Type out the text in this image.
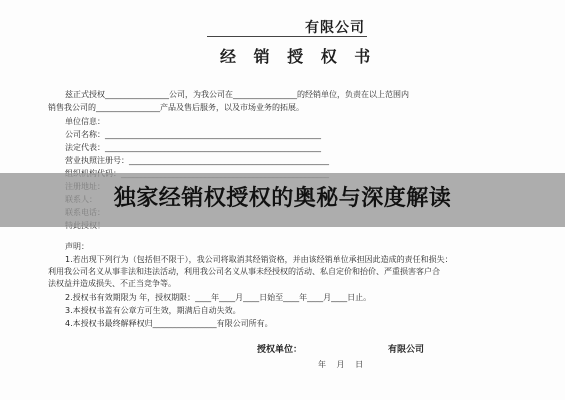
有限公司
经 销 授 权 书
兹正式授权________________公司，为我公司在________________的经销单位，负责在以上范围内
销售我公司的________________产品及售后服务，以及市场业务的拓展。
单位信息：
公司名称：______________________________________________________
法定代表：______________________________________________________
营业执照注册号：__________________________________________________
声明：
1.若出现下列行为（包括但不限于），我公司将取消其经销资格，并由该经销单位承担因此造成的责任和损失：
利用我公司名义从事非法和违法活动，利用我公司名义从事未经授权的活动、私自定价和抬价、严重损害客户合
法权益并造成损失、不正当竞争等。
2.授权书有效期限为 年，授权期限：____年____月____日始至____年____月____日止。
3.本授权书盖有公章方可生效，期满后自动失效。
4.本授权书最终解释权归________________有限公司所有。
授权单位：	有限公司
年 月 日
独家经销权授权的奥秘与深度解读
